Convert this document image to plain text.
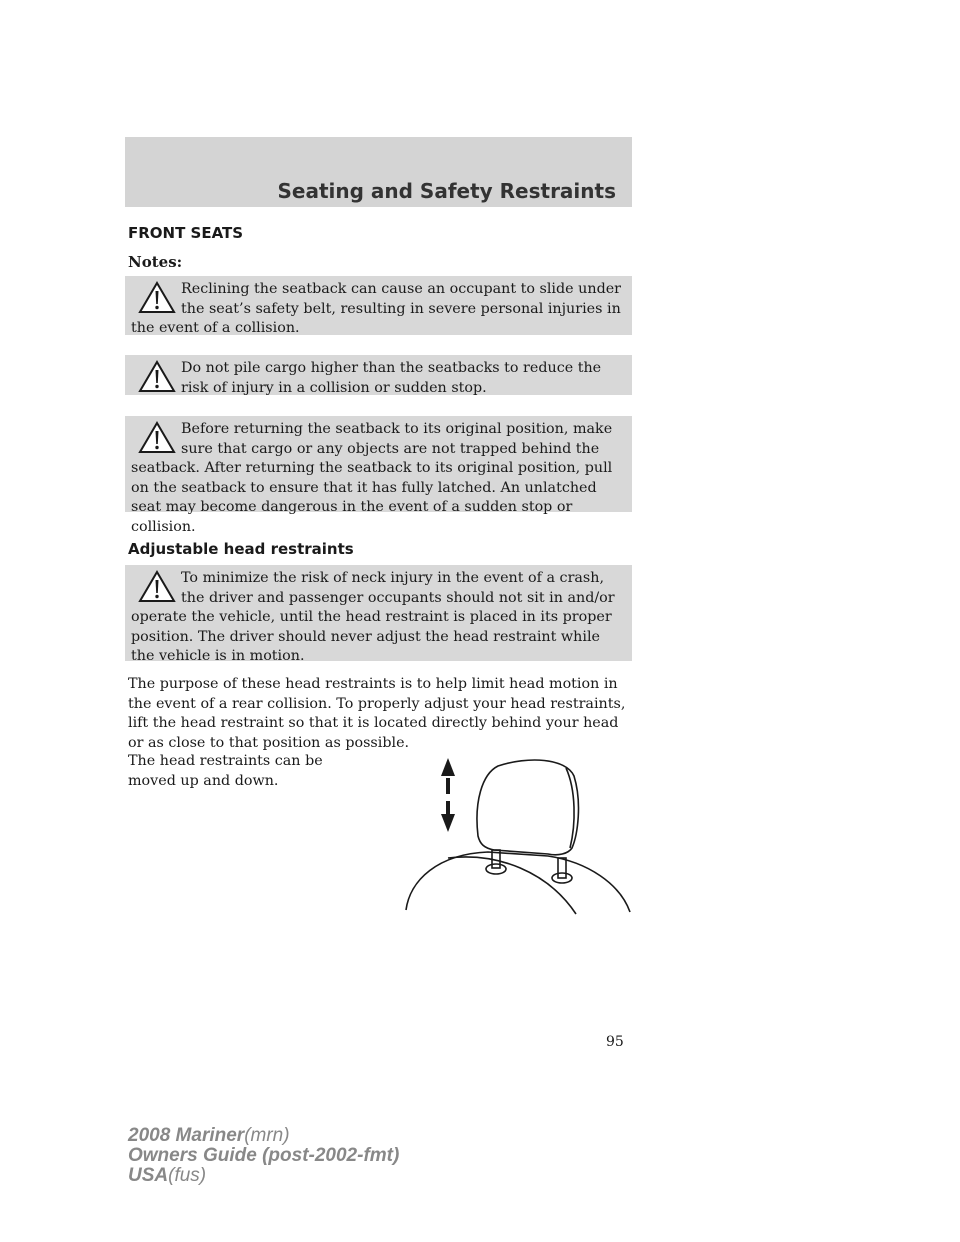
Seating and Safety Restraints
FRONT SEATS
Notes:

Reclining the seatback can cause an occupant to slide under the seat’s safety belt, resulting in severe personal injuries in the event of a collision.

Do not pile cargo higher than the seatbacks to reduce the risk of injury in a collision or sudden stop.

Before returning the seatback to its original position, make sure that cargo or any objects are not trapped behind the seatback. After returning the seatback to its original position, pull on the seatback to ensure that it has fully latched. An unlatched seat may become dangerous in the event of a sudden stop or collision.

Adjustable head restraints

To minimize the risk of neck injury in the event of a crash, the driver and passenger occupants should not sit in and/or operate the vehicle, until the head restraint is placed in its proper position. The driver should never adjust the head restraint while the vehicle is in motion.

The purpose of these head restraints is to help limit head motion in the event of a rear collision. To properly adjust your head restraints, lift the head restraint so that it is located directly behind your head or as close to that position as possible.

The head restraints can be moved up and down.

95
2008 Mariner(mrn)
Owners Guide (post-2002-fmt)
USA(fus)
